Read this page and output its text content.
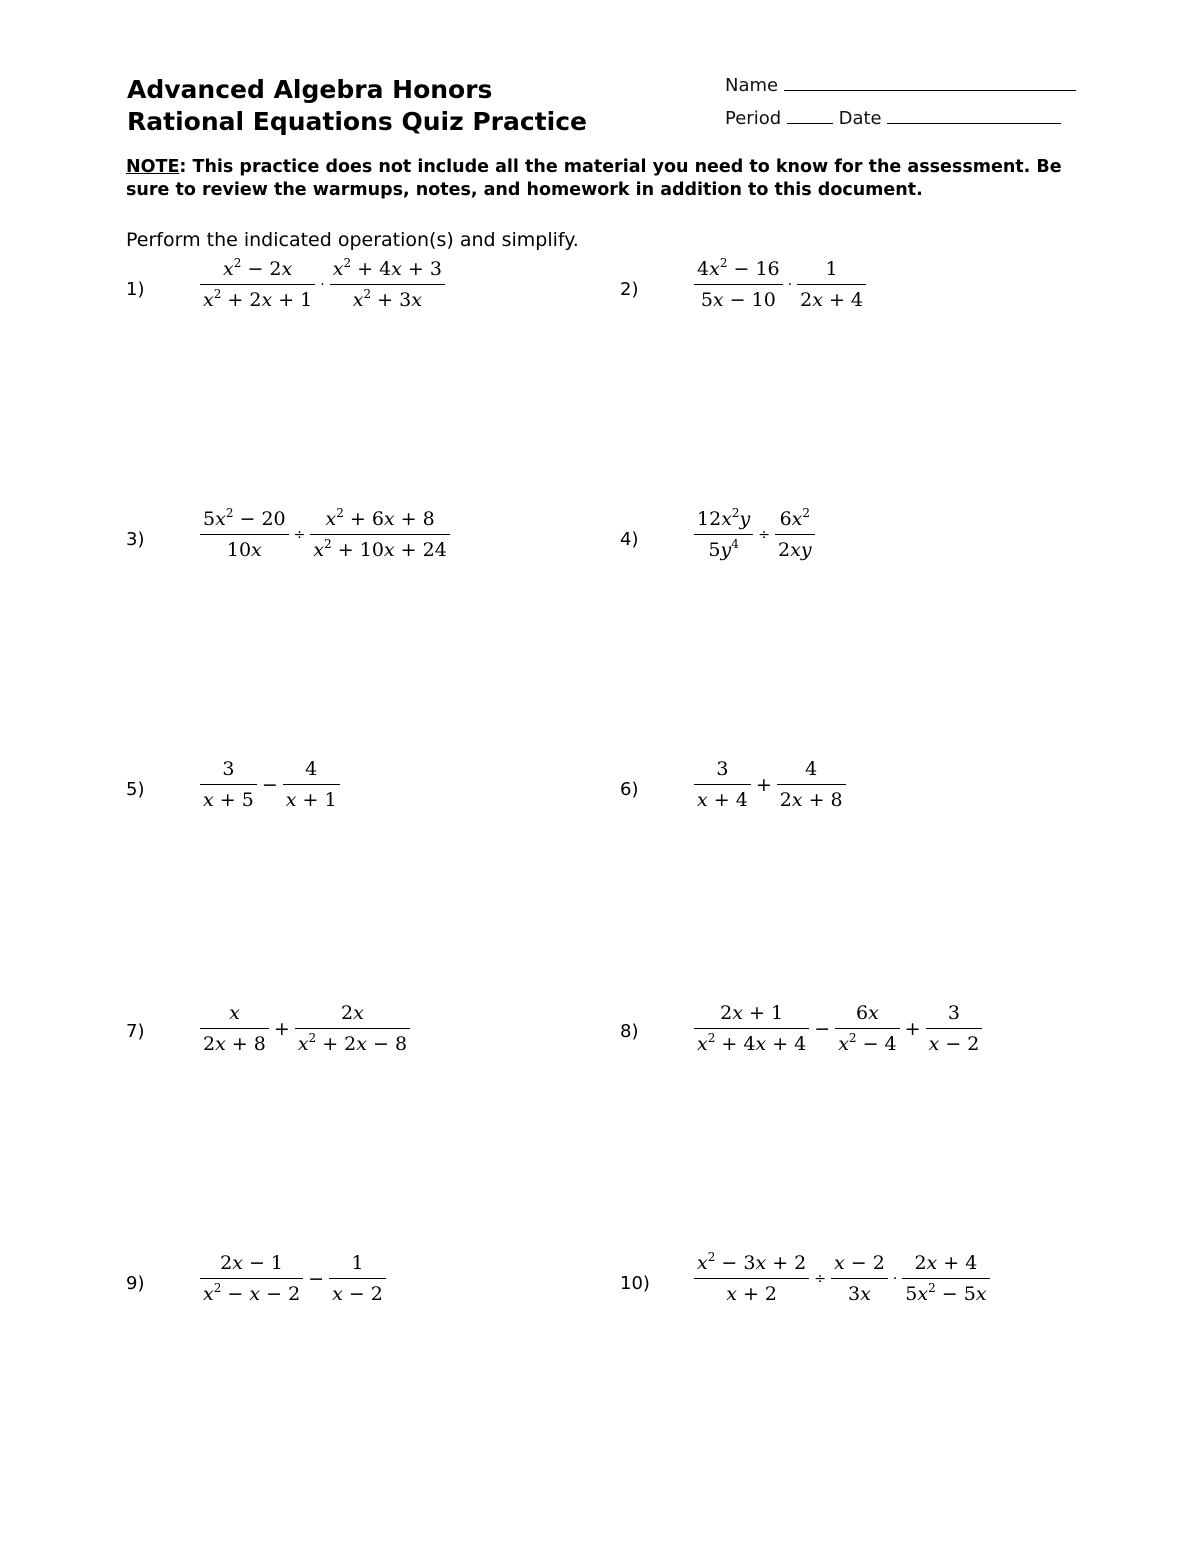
Advanced Algebra Honors
Rational Equations Quiz Practice
Name
Period	Date
NOTE: This practice does not include all the material you need to know for the assessment. Be sure to review the warmups, notes, and homework in addition to this document.
Perform the indicated operation(s) and simplify.
1)	$\frac{x^2 - 2x}{x^2 + 2x + 1} \cdot \frac{x^2 + 4x + 3}{x^2 + 3x}$	2)	$\frac{4x^2 - 16}{5x - 10} \cdot \frac{1}{2x + 4}$
3)	$\frac{5x^2 - 20}{10x} \div \frac{x^2 + 6x + 8}{x^2 + 10x + 24}$	4)	$\frac{12x^2y}{5y^4} \div \frac{6x^2}{2xy}$
5)	$\frac{3}{x + 5} - \frac{4}{x + 1}$	6)	$\frac{3}{x + 4} + \frac{4}{2x + 8}$
7)	$\frac{x}{2x + 8} + \frac{2x}{x^2 + 2x - 8}$	8)	$\frac{2x + 1}{x^2 + 4x + 4} - \frac{6x}{x^2 - 4} + \frac{3}{x - 2}$
9)	$\frac{2x - 1}{x^2 - x - 2} - \frac{1}{x - 2}$	$10) \frac{x^2 - 3x + 2}{x + 2} \div \frac{x - 2}{3x} \cdot \frac{2x + 4}{5x^2 - 5x}$
